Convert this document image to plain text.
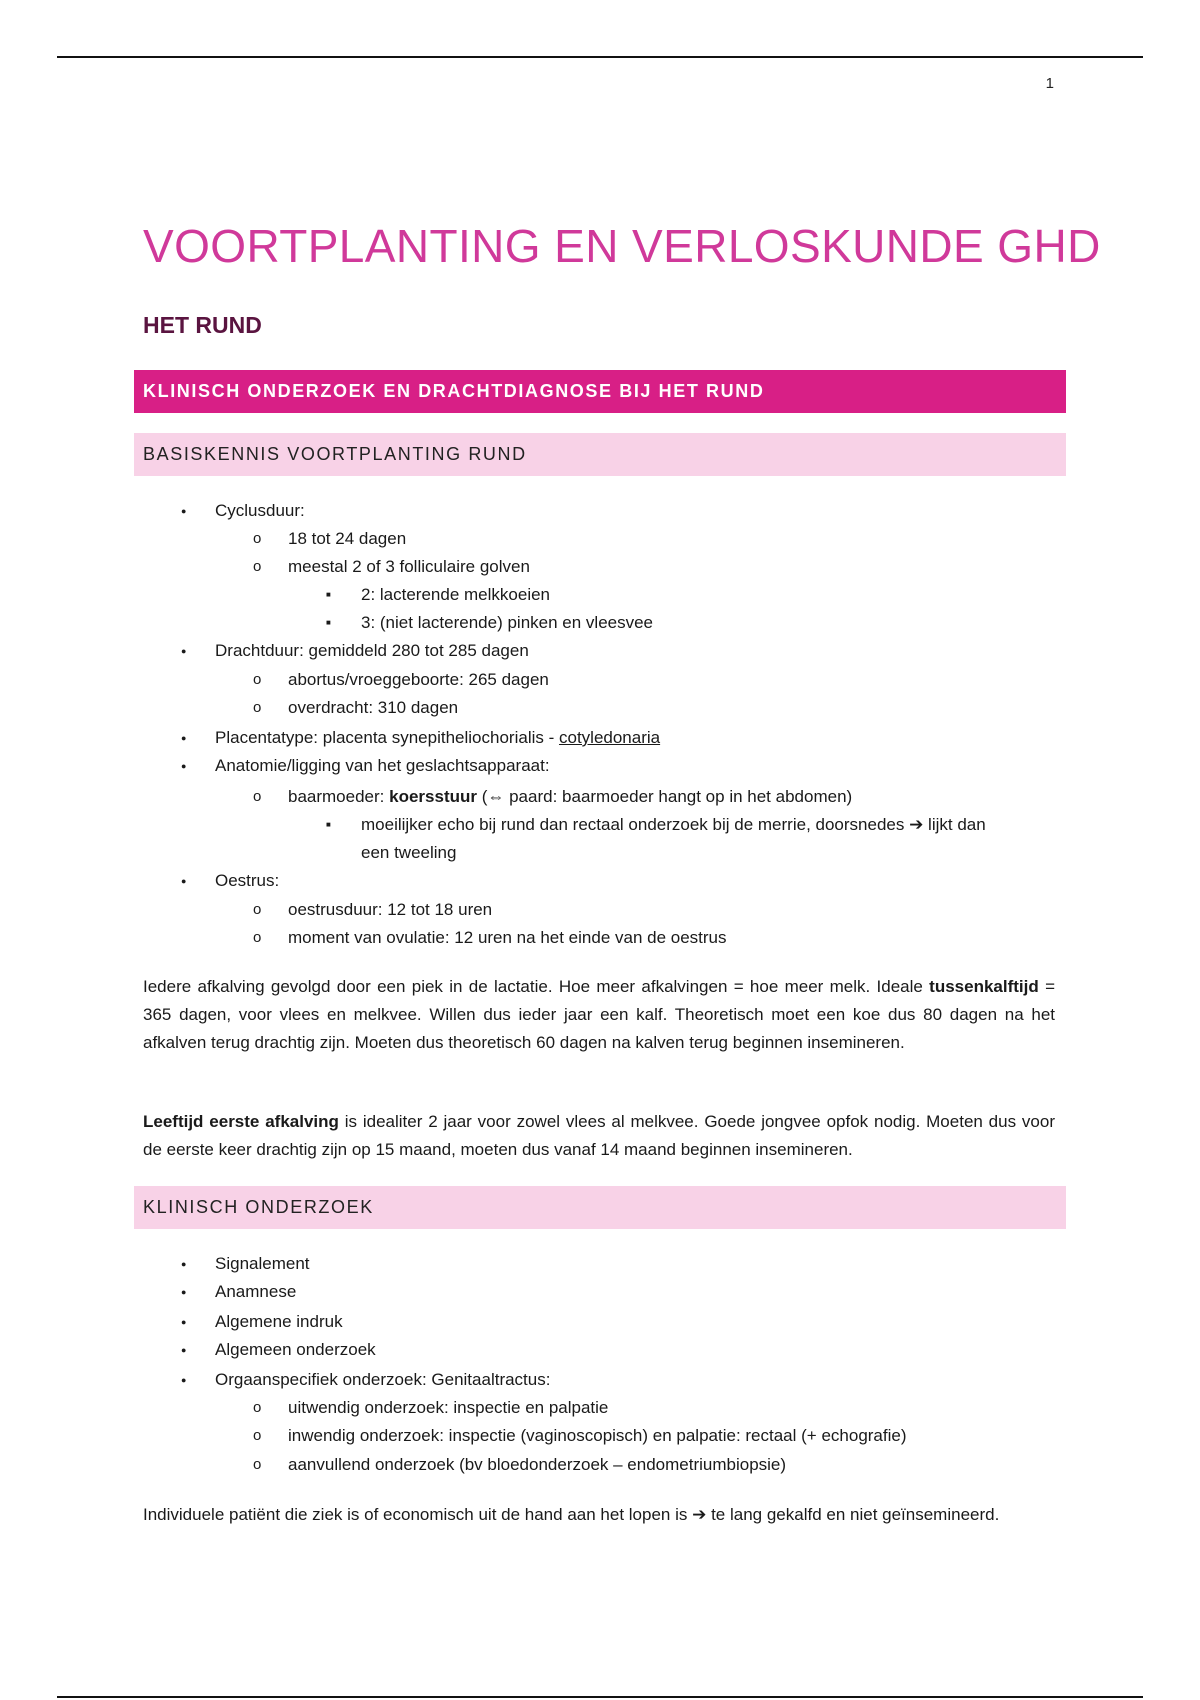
1
VOORTPLANTING EN VERLOSKUNDE GHD
HET RUND
KLINISCH ONDERZOEK EN DRACHTDIAGNOSE BIJ HET RUND
BASISKENNIS VOORTPLANTING RUND
● Cyclusduur:
o 18 tot 24 dagen
o meestal 2 of 3 folliculaire golven
■ 2: lacterende melkkoeien
■ 3: (niet lacterende) pinken en vleesvee
● Drachtduur: gemiddeld 280 tot 285 dagen
o abortus/vroeggeboorte: 265 dagen
o overdracht: 310 dagen
● Placentatype: placenta synepitheliochorialis - cotyledonaria
● Anatomie/ligging van het geslachtsapparaat:
o baarmoeder: koersstuur (⇔ paard: baarmoeder hangt op in het abdomen)
■ moeilijker echo bij rund dan rectaal onderzoek bij de merrie, doorsnedes ➔ lijkt dan
een tweeling
● Oestrus:
o oestrusduur: 12 tot 18 uren
o moment van ovulatie: 12 uren na het einde van de oestrus

Iedere afkalving gevolgd door een piek in de lactatie. Hoe meer afkalvingen = hoe meer melk. Ideale tussenkalftijd = 365 dagen, voor vlees en melkvee. Willen dus ieder jaar een kalf. Theoretisch moet een koe dus 80 dagen na het afkalven terug drachtig zijn. Moeten dus theoretisch 60 dagen na kalven terug beginnen insemineren.

Leeftijd eerste afkalving is idealiter 2 jaar voor zowel vlees al melkvee. Goede jongvee opfok nodig. Moeten dus voor de eerste keer drachtig zijn op 15 maand, moeten dus vanaf 14 maand beginnen insemineren.

KLINISCH ONDERZOEK
● Signalement
● Anamnese
● Algemene indruk
● Algemeen onderzoek
● Orgaanspecifiek onderzoek: Genitaaltractus:
o uitwendig onderzoek: inspectie en palpatie
o inwendig onderzoek: inspectie (vaginoscopisch) en palpatie: rectaal (+ echografie)
o aanvullend onderzoek (bv bloedonderzoek – endometriumbiopsie)

Individuele patiënt die ziek is of economisch uit de hand aan het lopen is ➔ te lang gekalfd en niet geïnsemineerd.
